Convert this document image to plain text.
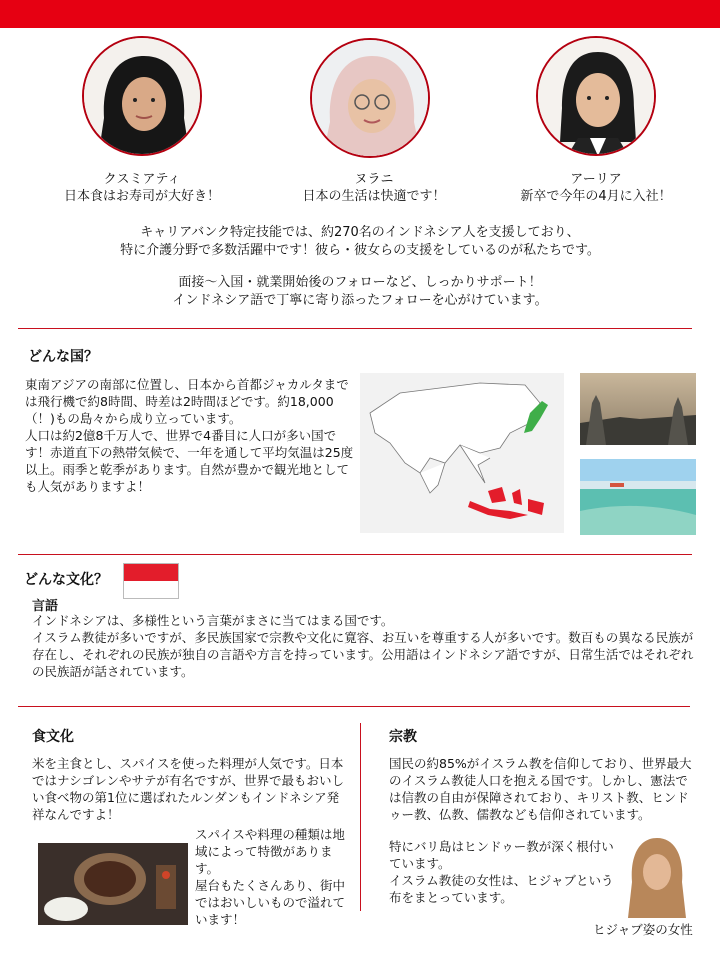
クスミアティ
日本食はお寿司が大好き！
ヌラニ
日本の生活は快適です！
アーリア
新卒で今年の4月に入社！
キャリアバンク特定技能では、約270名のインドネシア人を支援しており、
特に介護分野で多数活躍中です！彼ら・彼女らの支援をしているのが私たちです。
面接～入国・就業開始後のフォローなど、しっかりサポート！
インドネシア語で丁寧に寄り添ったフォローを心がけています。
どんな国？
東南アジアの南部に位置し、日本から首都ジャカルタまでは飛行機で約8時間、時差は2時間ほどです。約18,000（！)もの島々から成り立っています。
人口は約2億8千万人で、世界で4番目に人口が多い国です！赤道直下の熱帯気候で、一年を通して平均気温は25度以上。雨季と乾季があります。自然が豊かで観光地としても人気がありますよ！
どんな文化？
言語
インドネシアは、多様性という言葉がまさに当てはまる国です。
イスラム教徒が多いですが、多民族国家で宗教や文化に寛容、お互いを尊重する人が多いです。数百もの異なる民族が存在し、それぞれの民族が独自の言語や方言を持っています。公用語はインドネシア語ですが、日常生活ではそれぞれの民族語が話されています。
食文化
米を主食とし、スパイスを使った料理が人気です。日本ではナシゴレンやサテが有名ですが、世界で最もおいしい食べ物の第1位に選ばれたルンダンもインドネシア発祥なんですよ！
スパイスや料理の種類は地域によって特徴があります。
屋台もたくさんあり、街中ではおいしいもので溢れています！
宗教
国民の約85%がイスラム教を信仰しており、世界最大のイスラム教徒人口を抱える国です。しかし、憲法では信教の自由が保障されており、キリスト教、ヒンドゥー教、仏教、儒教なども信仰されています。
特にバリ島はヒンドゥー教が深く根付いています。
イスラム教徒の女性は、ヒジャブという布をまとっています。
ヒジャブ姿の女性
